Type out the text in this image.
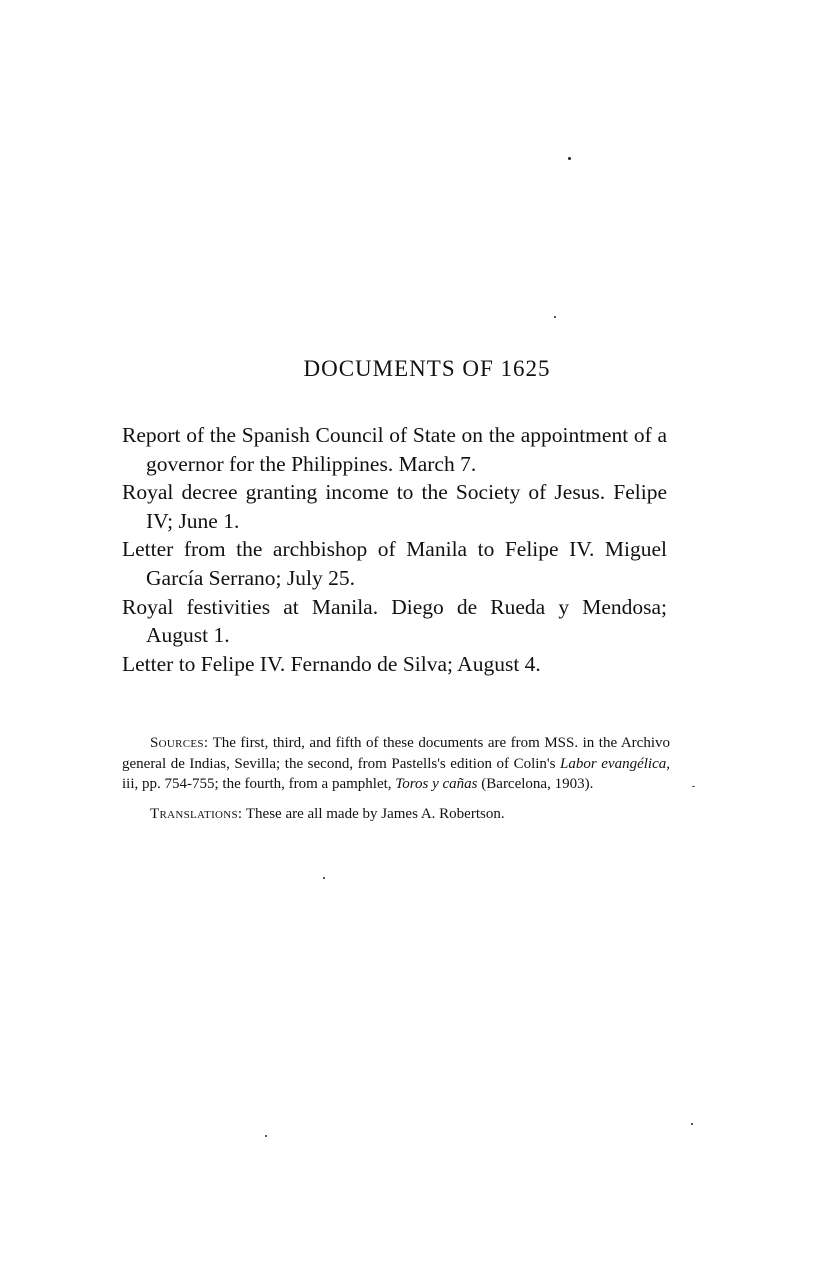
DOCUMENTS OF 1625

Report of the Spanish Council of State on the appointment of a governor for the Philippines. March 7.

Royal decree granting income to the Society of Jesus. Felipe IV; June 1.

Letter from the archbishop of Manila to Felipe IV. Miguel García Serrano; July 25.

Royal festivities at Manila. Diego de Rueda y Mendosa; August 1.

Letter to Felipe IV. Fernando de Silva; August 4.

Sources: The first, third, and fifth of these documents are from MSS. in the Archivo general de Indias, Sevilla; the second, from Pastells's edition of Colin's Labor evangélica, iii, pp. 754-755; the fourth, from a pamphlet, Toros y cañas (Barcelona, 1903).

Translations: These are all made by James A. Robertson.
